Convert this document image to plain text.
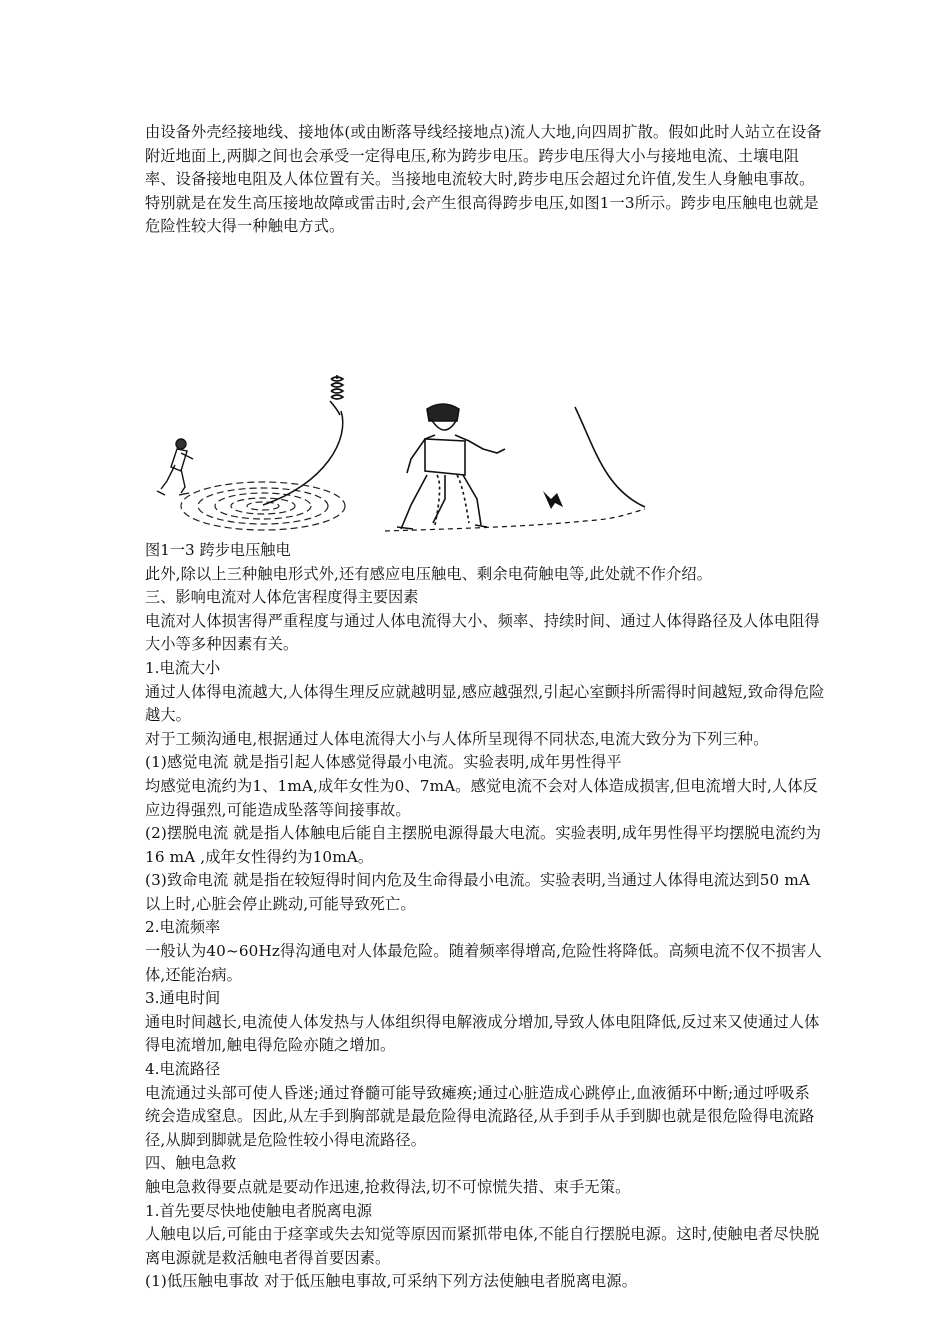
由设备外壳经接地线、接地体(或由断落导线经接地点)流人大地,向四周扩散。假如此时人站立在设备附近地面上,两脚之间也会承受一定得电压,称为跨步电压。跨步电压得大小与接地电流、土壤电阻率、设备接地电阻及人体位置有关。当接地电流较大时,跨步电压会超过允许值,发生人身触电事故。特别就是在发生高压接地故障或雷击时,会产生很高得跨步电压,如图1一3所示。跨步电压触电也就是危险性较大得一种触电方式。

图1一3 跨步电压触电

此外,除以上三种触电形式外,还有感应电压触电、剩余电荷触电等,此处就不作介绍。

三、影响电流对人体危害程度得主要因素

电流对人体损害得严重程度与通过人体电流得大小、频率、持续时间、通过人体得路径及人体电阻得大小等多种因素有关。

1.电流大小

通过人体得电流越大,人体得生理反应就越明显,感应越强烈,引起心室颤抖所需得时间越短,致命得危险越大。

对于工频沟通电,根据通过人体电流得大小与人体所呈现得不同状态,电流大致分为下列三种。

(1)感觉电流 就是指引起人体感觉得最小电流。实验表明,成年男性得平

均感觉电流约为1、1mA,成年女性为0、7mA。感觉电流不会对人体造成损害,但电流增大时,人体反应边得强烈,可能造成坠落等间接事故。

(2)摆脱电流 就是指人体触电后能自主摆脱电源得最大电流。实验表明,成年男性得平均摆脱电流约为16 mA ,成年女性得约为10mA。

(3)致命电流 就是指在较短得时间内危及生命得最小电流。实验表明,当通过人体得电流达到50 mA以上时,心脏会停止跳动,可能导致死亡。

2.电流频率

一般认为40~60Hz得沟通电对人体最危险。随着频率得增高,危险性将降低。高频电流不仅不损害人体,还能治病。

3.通电时间

通电时间越长,电流使人体发热与人体组织得电解液成分增加,导致人体电阻降低,反过来又使通过人体得电流增加,触电得危险亦随之增加。

4.电流路径

电流通过头部可使人昏迷;通过脊髓可能导致瘫痪;通过心脏造成心跳停止,血液循环中断;通过呼吸系统会造成窒息。因此,从左手到胸部就是最危险得电流路径,从手到手从手到脚也就是很危险得电流路径,从脚到脚就是危险性较小得电流路径。

四、触电急救

触电急救得要点就是要动作迅速,抢救得法,切不可惊慌失措、束手无策。

1.首先要尽快地使触电者脱离电源

人触电以后,可能由于痉挛或失去知觉等原因而紧抓带电体,不能自行摆脱电源。这时,使触电者尽快脱离电源就是救活触电者得首要因素。

(1)低压触电事故 对于低压触电事故,可采纳下列方法使触电者脱离电源。
